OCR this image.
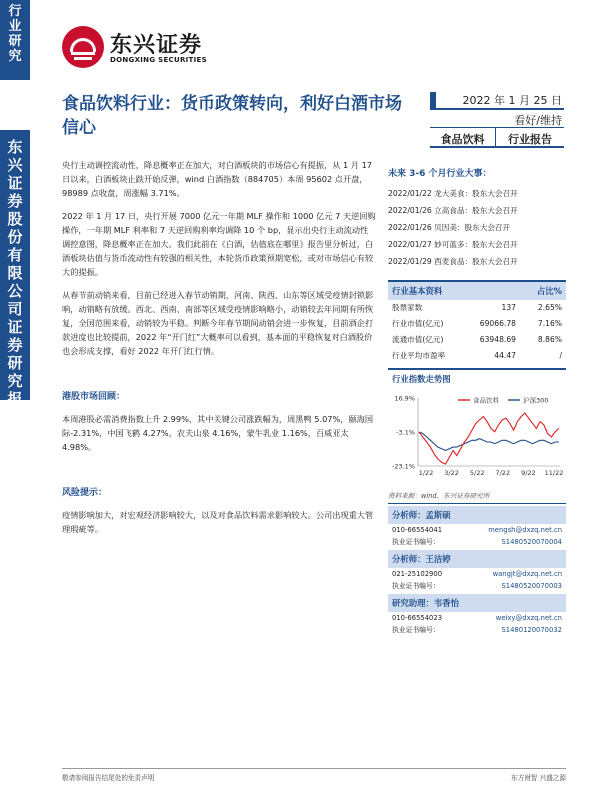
行
业
研
究
东
兴
证
券
股
份
有
限
公
司
证
券
研
究
报
告
东兴证券
DONGXING SECURITIES
食品饮料行业：货币政策转向，利好白酒市场信心
2022 年 1 月 25 日
看好/维持
食品饮料	行业报告

央行主动调控流动性，降息概率正在加大，对白酒板块的市场信心有提振，从 1 月 17 日以来，白酒板块止跌开始反弹，wind 白酒指数（884705）本周 95602 点开盘，98989 点收盘，周涨幅 3.71%。

2022 年 1 月 17 日，央行开展 7000 亿元一年期 MLF 操作和 1000 亿元 7 天逆回购操作，一年期 MLF 利率和 7 天逆回购利率均调降 10 个 bp，显示出央行主动流动性调控意图，降息概率正在加大。我们此前在《白酒，估值底在哪里》报告里分析过，白酒板块估值与货币流动性有较强的相关性，本轮货币政策预期宽松，或对市场信心有较大的提振。

从春节前动销来看，目前已经进入春节动销期，河南、陕西、山东等区域受疫情封锁影响，动销略有放缓。西北、西南、南部等区域受疫情影响略小，动销较去年同期有所恢复，全国范围来看，动销较为平稳。判断今年春节期间动销会进一步恢复，目前酒企打款进度也比较提前，2022 年“开门红”大概率可以看到，基本面的平稳恢复对白酒股价也会形成支撑，看好 2022 年开门红行情。

港股市场回顾：

本周港股必需消费指数上升 2.99%，其中关键公司涨跌幅为，周黑鸭 5.07%，颐海国际-2.31%，中国飞鹤 4.27%，农夫山泉 4.16%，蒙牛乳业 1.16%，百威亚太 4.98%。

风险提示：

疫情影响加大，对宏观经济影响较大，以及对食品饮料需求影响较大。公司出现重大管理瑕疵等。

未来 3-6 个月行业大事：
2022/01/22 龙大美食：股东大会召开
2022/01/26 立高食品：股东大会召开
2022/01/26 贝因美：股东大会召开
2022/01/27 妙可蓝多：股东大会召开
2022/01/29 西麦食品：股东大会召开
行业基本资料	占比%
股票家数	137	2.65%
行业市值(亿元)	69066.78	7.16%
流通市值(亿元)	63948.69	8.86%
行业平均市盈率	44.47	/
行业指数走势图
16.9%
-3.1%
-23.1%
1/22 3/22 5/22 7/22 9/22 11/22
食品饮料	沪深300
资料来源：wind、东兴证券研究所
分析师：孟斯硕
010-66554041	mengsh@dxzq.net.cn
执业证书编号：	S1480520070004
分析师：王洁婷
021-25102900	wangjt@dxzq.net.cn
执业证书编号：	S1480520070003
研究助理：韦香怡
010-66554023	weixy@dxzq.net.cn
执业证书编号：	S1480120070032
敬请参阅报告结尾处的免责声明	东方财智 兴盛之源
